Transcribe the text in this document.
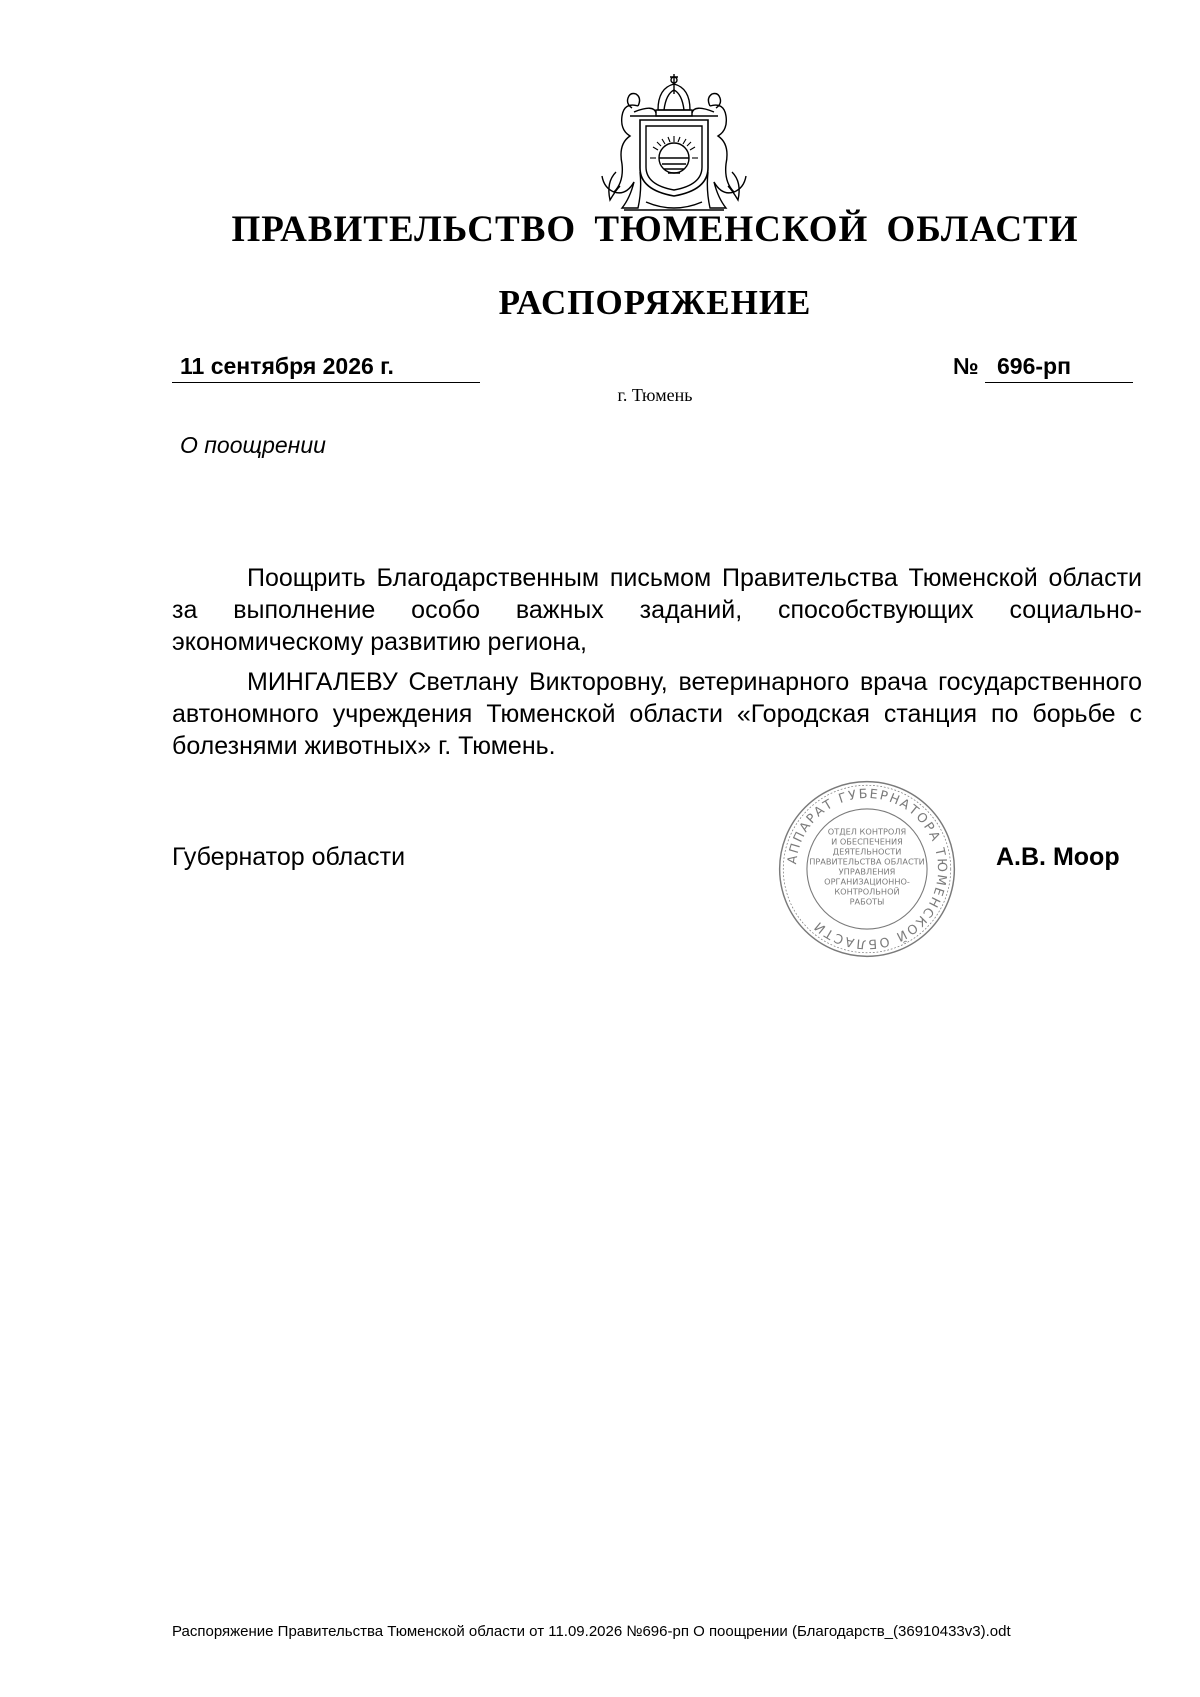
ПРАВИТЕЛЬСТВО ТЮМЕНСКОЙ ОБЛАСТИ
РАСПОРЯЖЕНИЕ
11 сентября 2026 г.	№ 696-рп
г. Тюмень
О поощрении
Поощрить Благодарственным письмом Правительства Тюменской области за выполнение особо важных заданий, способствующих социально-экономическому развитию региона,
МИНГАЛЕВУ Светлану Викторовну, ветеринарного врача государственного автономного учреждения Тюменской области «Городская станция по борьбе с болезнями животных» г. Тюмень.
Губернатор области	АППАРАТ ГУБЕРНАТОРА ТЮМЕНСКОЙ ОБЛАСТИ
ОТДЕЛ КОНТРОЛЯ
И ОБЕСПЕЧЕНИЯ
ДЕЯТЕЛЬНОСТИ
ПРАВИТЕЛЬСТВА ОБЛАСТИ
УПРАВЛЕНИЯ
ОРГАНИЗАЦИОННО-
КОНТРОЛЬНОЙ
РАБОТЫ
А.В. Моор
Распоряжение Правительства Тюменской области от 11.09.2026 №696-рп О поощрении (Благодарств_(36910433v3).odt
